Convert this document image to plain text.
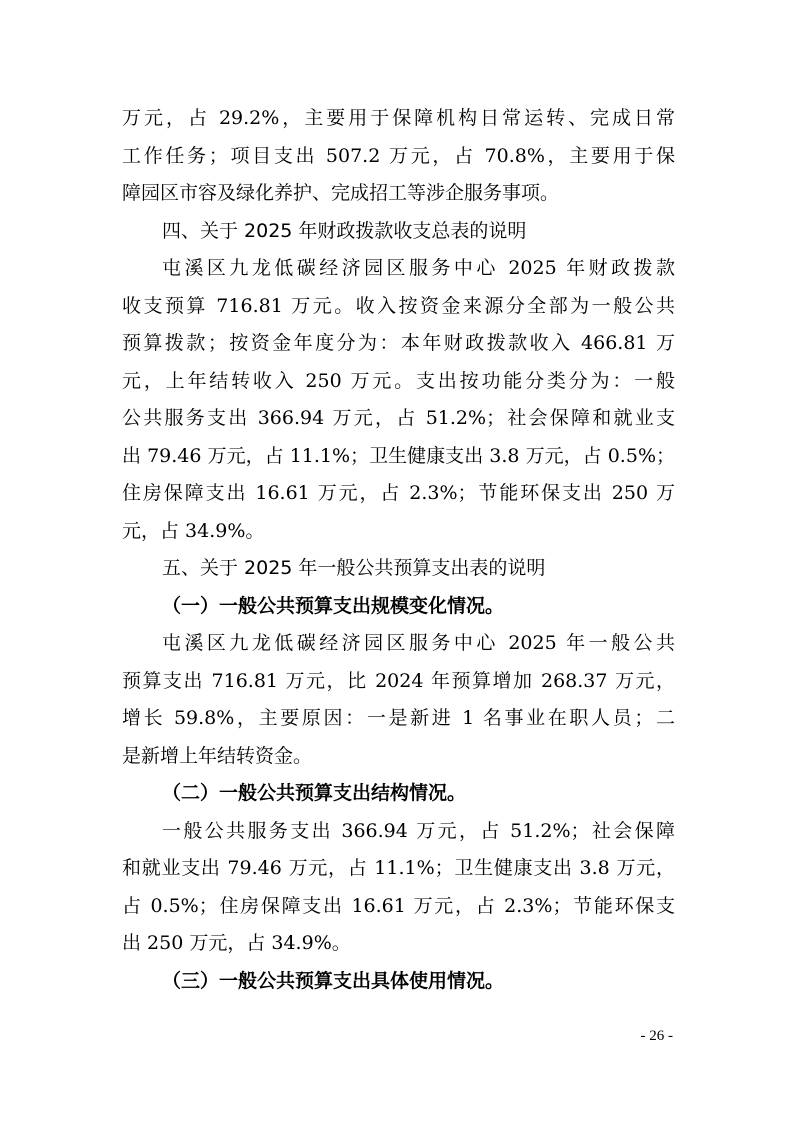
万元，占 29.2%，主要用于保障机构日常运转、完成日常
工作任务；项目支出 507.2 万元，占 70.8%，主要用于保
障园区市容及绿化养护、完成招工等涉企服务事项。
四、关于 2025 年财政拨款收支总表的说明
屯溪区九龙低碳经济园区服务中心 2025 年财政拨款
收支预算 716.81 万元。收入按资金来源分全部为一般公共
预算拨款；按资金年度分为：本年财政拨款收入 466.81 万
元，上年结转收入 250 万元。支出按功能分类分为：一般
公共服务支出 366.94 万元，占 51.2%；社会保障和就业支
出 79.46 万元，占 11.1%；卫生健康支出 3.8 万元，占 0.5%；
住房保障支出 16.61 万元，占 2.3%；节能环保支出 250 万
元，占 34.9%。
五、关于 2025 年一般公共预算支出表的说明
（一）一般公共预算支出规模变化情况。
屯溪区九龙低碳经济园区服务中心 2025 年一般公共
预算支出 716.81 万元，比 2024 年预算增加 268.37 万元，
增长 59.8%，主要原因：一是新进 1 名事业在职人员；二
是新增上年结转资金。
（二）一般公共预算支出结构情况。
一般公共服务支出 366.94 万元，占 51.2%；社会保障
和就业支出 79.46 万元，占 11.1%；卫生健康支出 3.8 万元，
占 0.5%；住房保障支出 16.61 万元，占 2.3%；节能环保支
出 250 万元，占 34.9%。
（三）一般公共预算支出具体使用情况。
- 26 -
